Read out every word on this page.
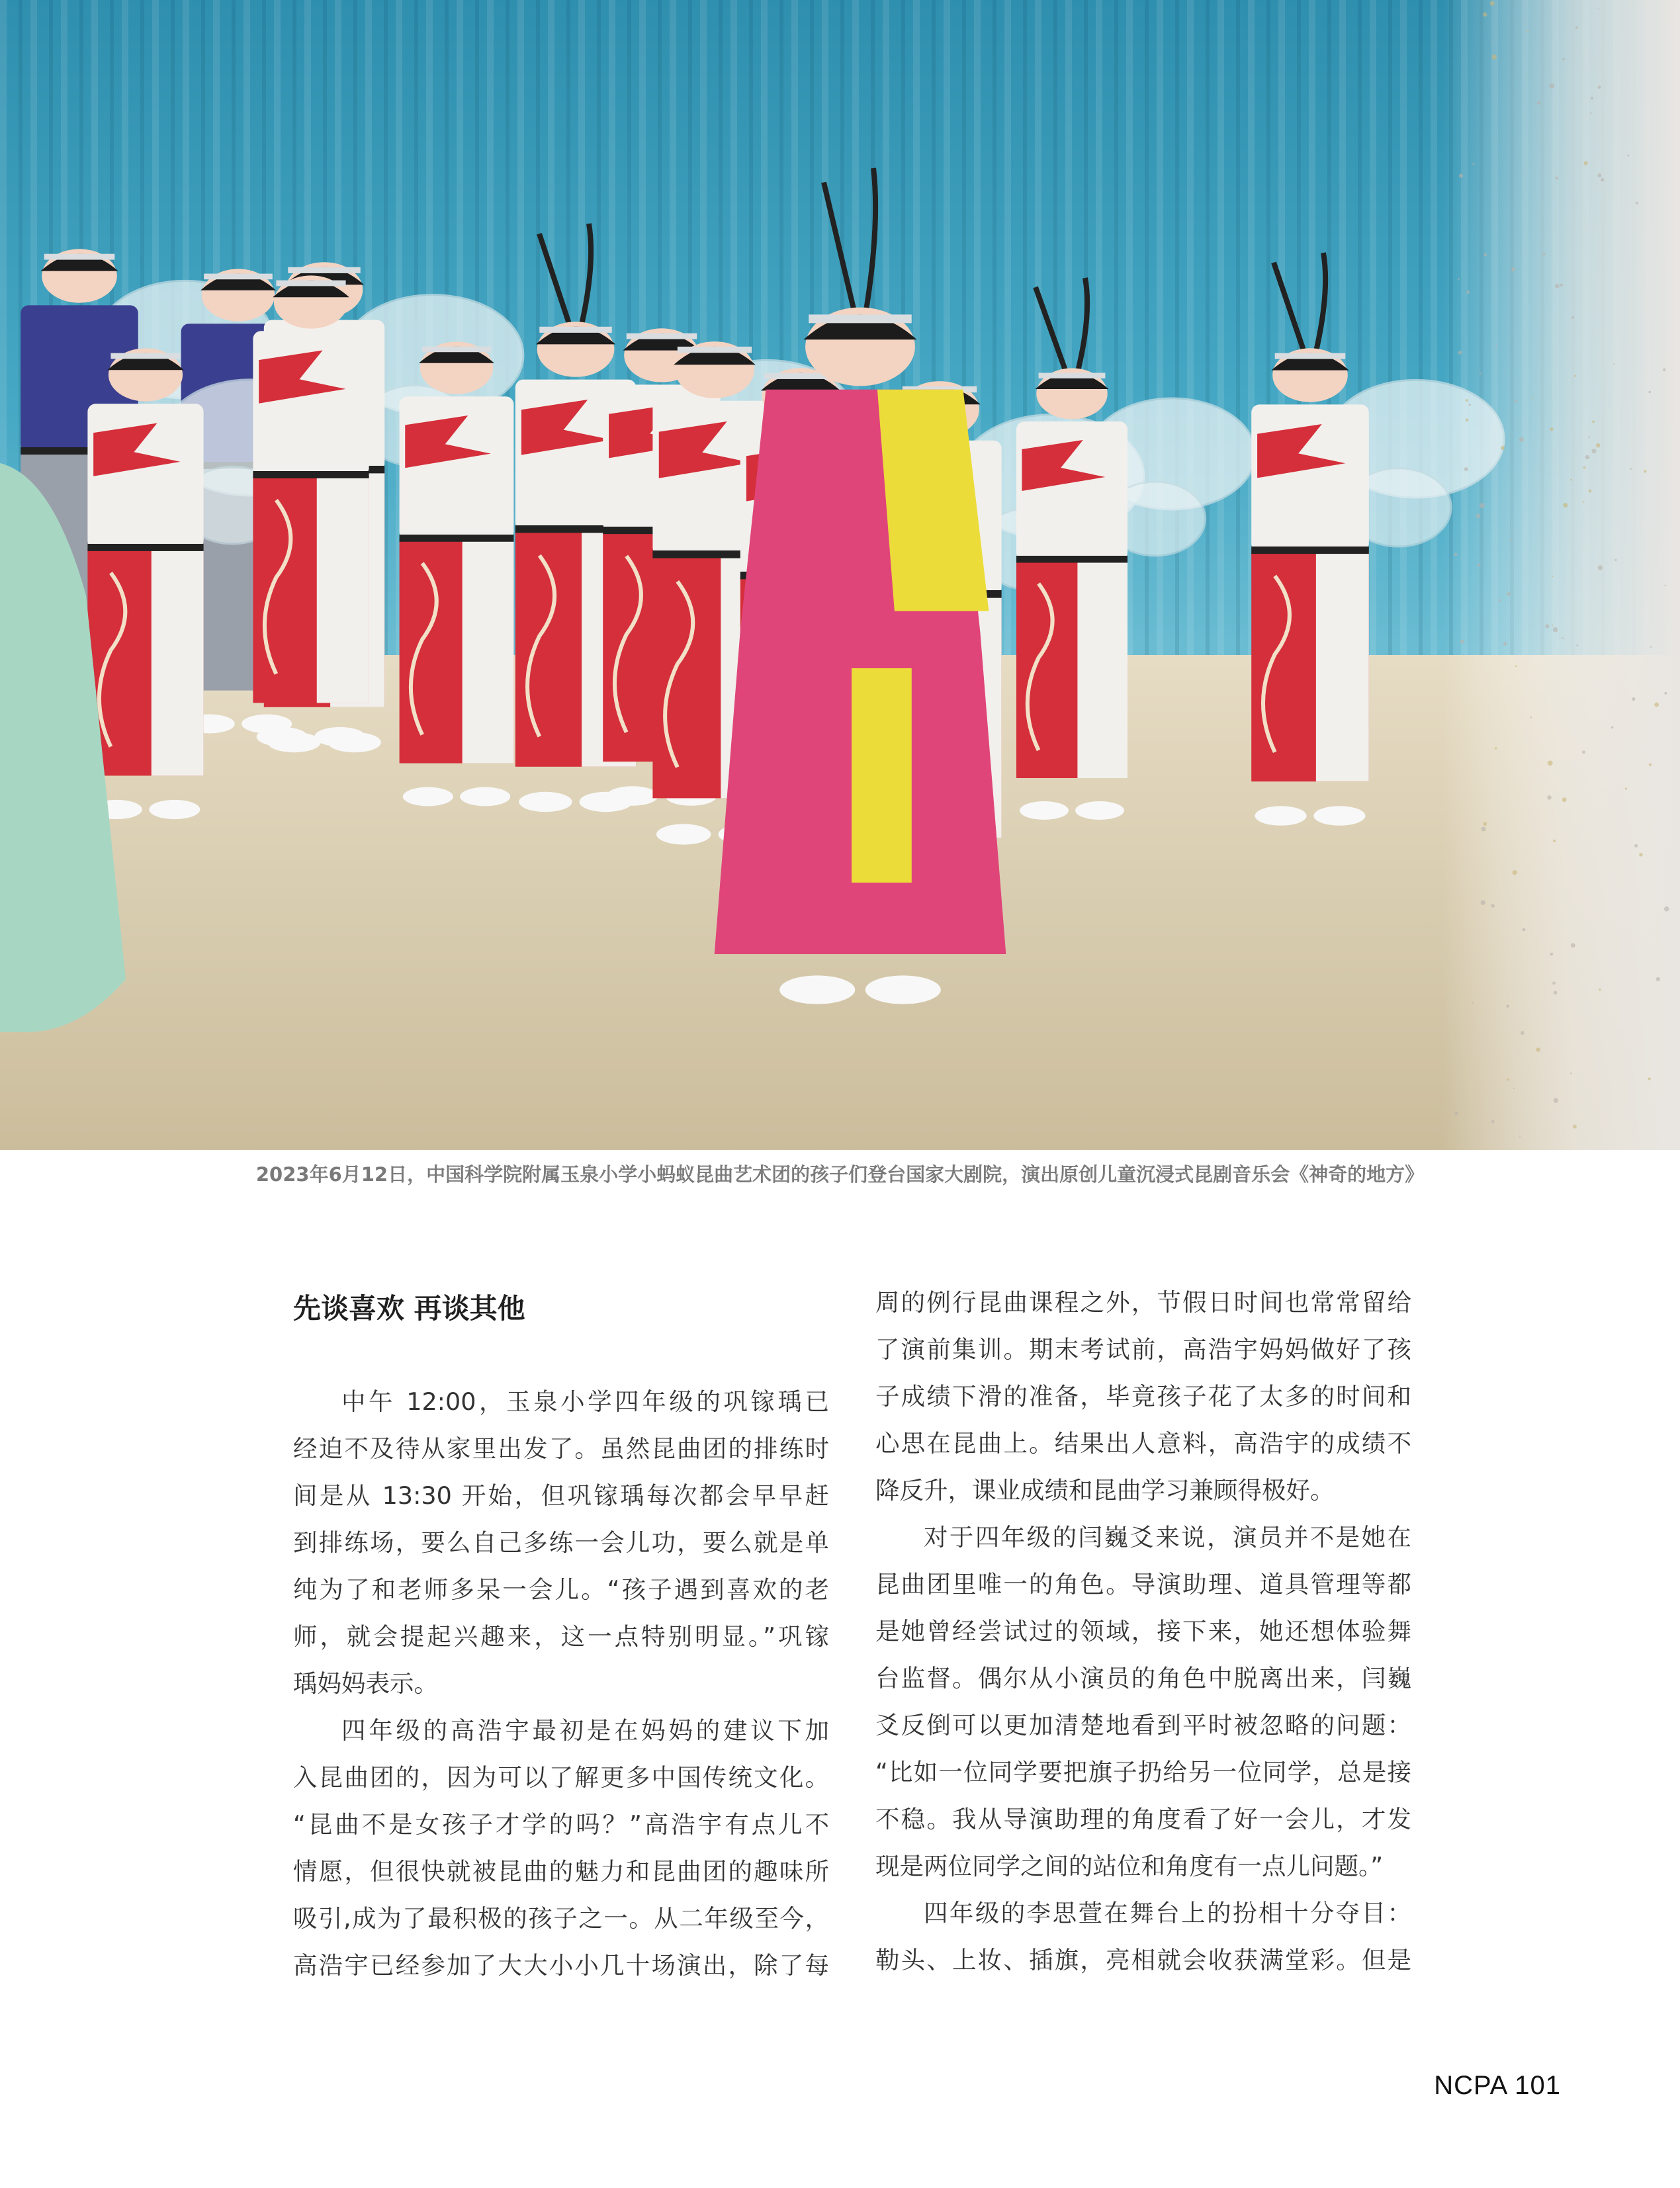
2023年6月12日，中国科学院附属玉泉小学小蚂蚁昆曲艺术团的孩子们登台国家大剧院，演出原创儿童沉浸式昆剧音乐会《神奇的地方》
先谈喜欢 再谈其他

中午 12:00，玉泉小学四年级的巩镓瑀已
经迫不及待从家里出发了。虽然昆曲团的排练时
间是从 13:30 开始，但巩镓瑀每次都会早早赶
到排练场，要么自己多练一会儿功，要么就是单
纯为了和老师多呆一会儿。“孩子遇到喜欢的老
师，就会提起兴趣来，这一点特别明显。”巩镓
瑀妈妈表示。

四年级的高浩宇最初是在妈妈的建议下加
入昆曲团的，因为可以了解更多中国传统文化。
“昆曲不是女孩子才学的吗？”高浩宇有点儿不
情愿，但很快就被昆曲的魅力和昆曲团的趣味所
吸引,成为了最积极的孩子之一。从二年级至今，
高浩宇已经参加了大大小小几十场演出，除了每

周的例行昆曲课程之外，节假日时间也常常留给
了演前集训。期末考试前，高浩宇妈妈做好了孩
子成绩下滑的准备，毕竟孩子花了太多的时间和
心思在昆曲上。结果出人意料，高浩宇的成绩不
降反升，课业成绩和昆曲学习兼顾得极好。

对于四年级的闫巍爻来说，演员并不是她在
昆曲团里唯一的角色。导演助理、道具管理等都
是她曾经尝试过的领域，接下来，她还想体验舞
台监督。偶尔从小演员的角色中脱离出来，闫巍
爻反倒可以更加清楚地看到平时被忽略的问题：
“比如一位同学要把旗子扔给另一位同学，总是接
不稳。我从导演助理的角度看了好一会儿，才发
现是两位同学之间的站位和角度有一点儿问题。”

四年级的李思萱在舞台上的扮相十分夺目：
勒头、上妆、插旗，亮相就会收获满堂彩。但是

NCPA 101
